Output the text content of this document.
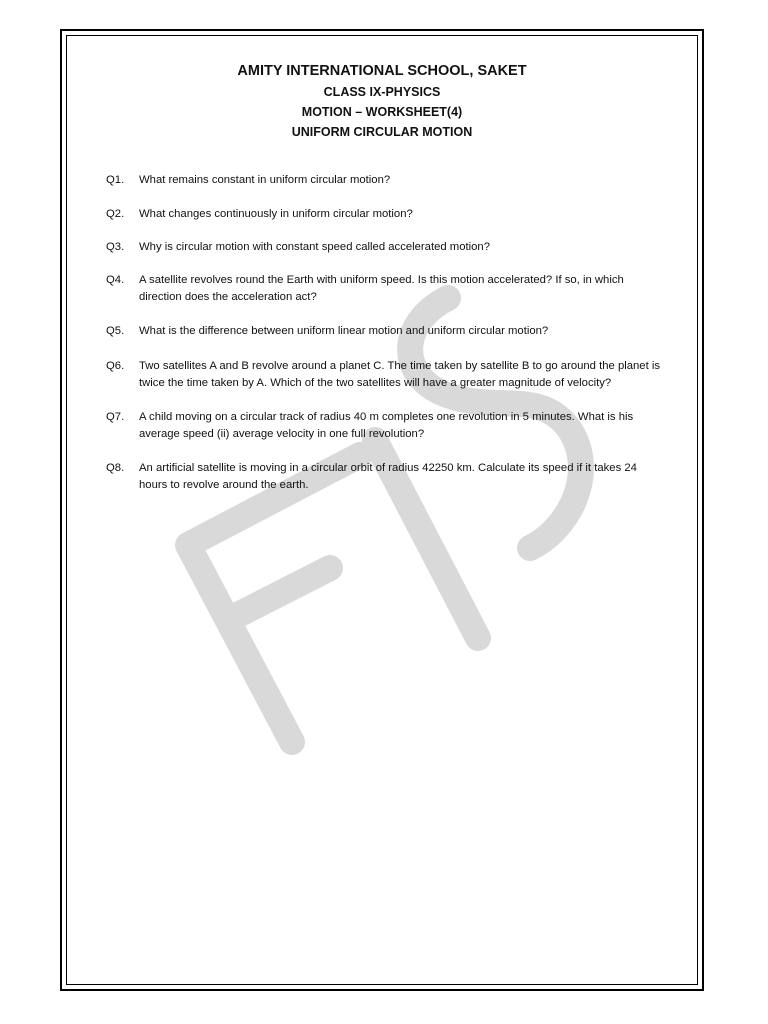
AMITY INTERNATIONAL SCHOOL, SAKET
CLASS IX-PHYSICS
MOTION – WORKSHEET(4)
UNIFORM CIRCULAR MOTION
Q1.	What remains constant in uniform circular motion?
Q2.	What changes continuously in uniform circular motion?
Q3.	Why is circular motion with constant speed called accelerated motion?
Q4.	A satellite revolves round the Earth with uniform speed. Is this motion accelerated? If so, in which direction does the acceleration act?
Q5.	What is the difference between uniform linear motion and uniform circular motion?
Q6.	Two satellites A and B revolve around a planet C. The time taken by satellite B to go around the planet is twice the time taken by A. Which of the two satellites will have a greater magnitude of velocity?
Q7.	A child moving on a circular track of radius 40 m completes one revolution in 5 minutes. What is his average speed (ii) average velocity in one full revolution?
Q8.	An artificial satellite is moving in a circular orbit of radius 42250 km. Calculate its speed if it takes 24 hours to revolve around the earth.
